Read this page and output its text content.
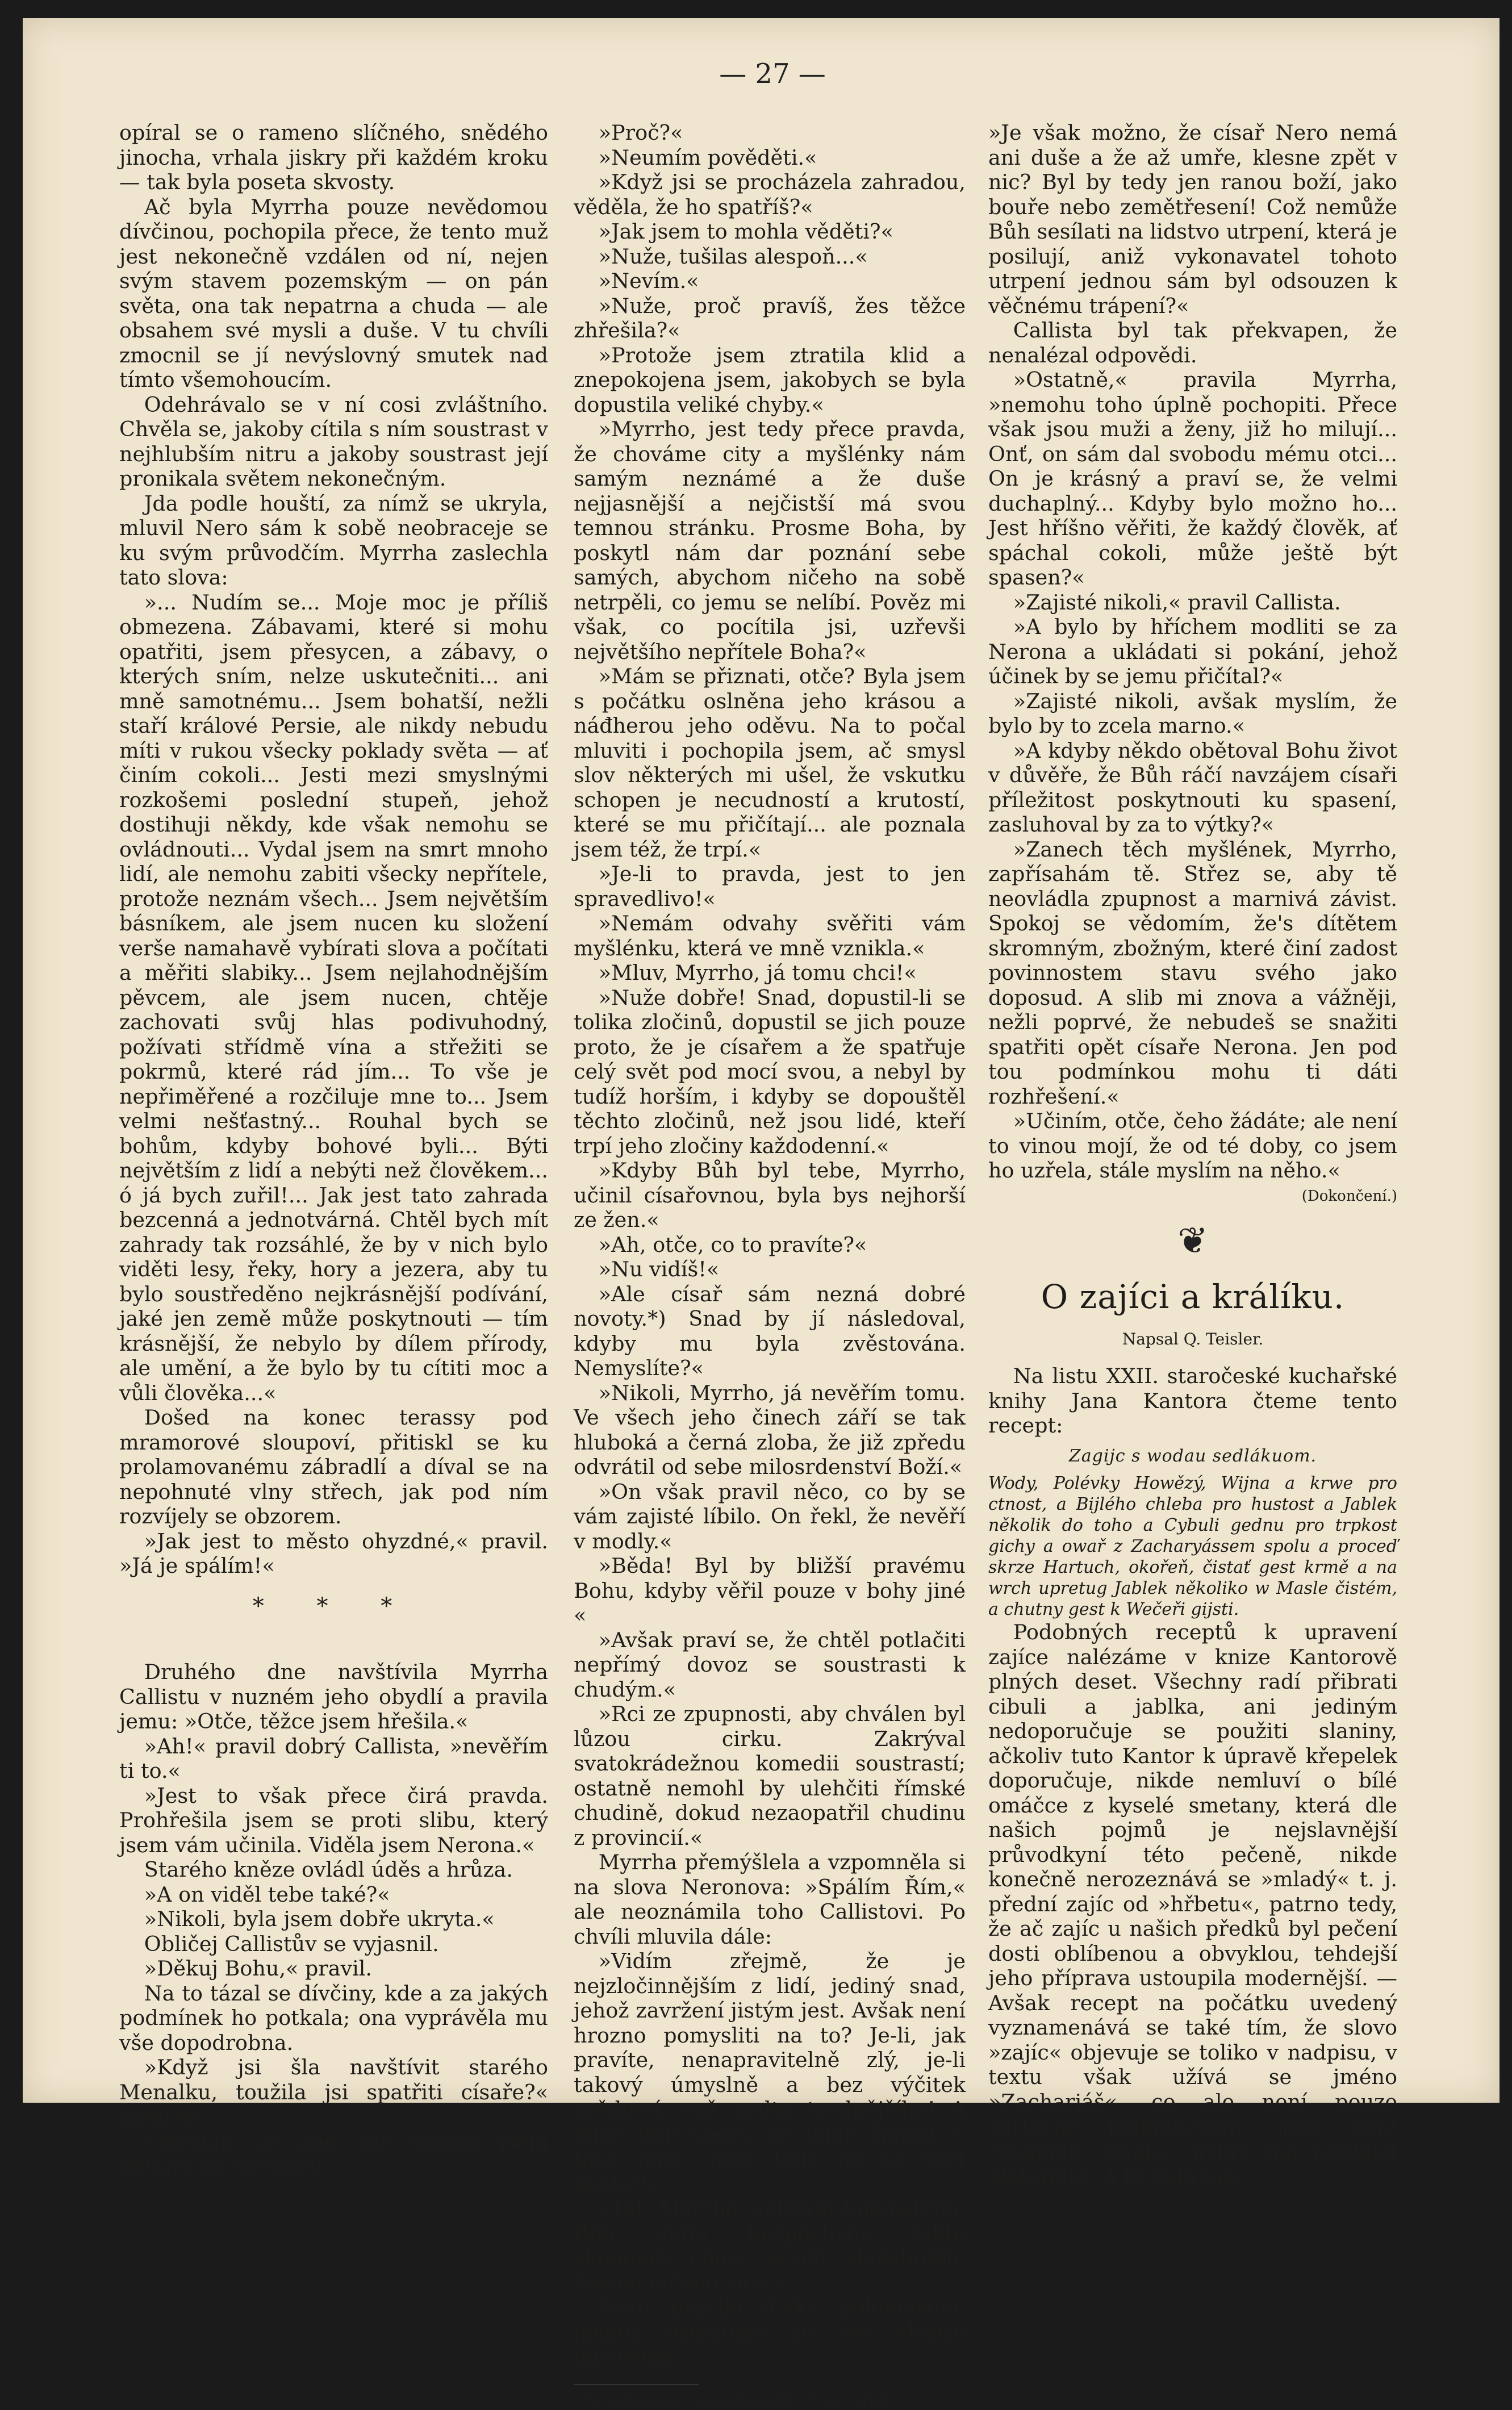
— 27 —

opíral se o rameno slíčného, snědého jinocha, vrhala jiskry při každém kroku — tak byla poseta skvosty.

Ač byla Myrrha pouze nevědomou dívčinou, pochopila přece, že tento muž jest nekonečně vzdálen od ní, nejen svým stavem pozemským — on pán světa, ona tak nepatrna a chuda — ale obsahem své mysli a duše. V tu chvíli zmocnil se jí nevýslovný smutek nad tímto všemohoucím.

Odehrávalo se v ní cosi zvláštního. Chvěla se, jakoby cítila s ním soustrast v nejhlubším nitru a jakoby soustrast její pronikala světem nekonečným.

Jda podle houští, za nímž se ukryla, mluvil Nero sám k sobě neobraceje se ku svým průvodčím. Myrrha zaslechla tato slova:

»... Nudím se... Moje moc je příliš obmezena. Zábavami, které si mohu opatřiti, jsem přesycen, a zábavy, o kterých sním, nelze uskutečniti... ani mně samotnému... Jsem bohatší, nežli staří králové Persie, ale nikdy nebudu míti v rukou všecky poklady světa — ať činím cokoli... Jesti mezi smyslnými rozkošemi poslední stupeň, jehož dostihuji někdy, kde však nemohu se ovládnouti... Vydal jsem na smrt mnoho lidí, ale nemohu zabiti všecky nepřítele, protože neznám všech... Jsem největším básníkem, ale jsem nucen ku složení verše namahavě vybírati slova a počítati a měřiti slabiky... Jsem nejlahodnějším pěvcem, ale jsem nucen, chtěje zachovati svůj hlas podivuhodný, požívati střídmě vína a střežiti se pokrmů, které rád jím... To vše je nepřiměřené a rozčiluje mne to... Jsem velmi nešťastný... Rouhal bych se bohům, kdyby bohové byli... Býti největším z lidí a nebýti než člověkem... ó já bych zuřil!... Jak jest tato zahrada bezcenná a jednotvárná. Chtěl bych mít zahrady tak rozsáhlé, že by v nich bylo viděti lesy, řeky, hory a jezera, aby tu bylo soustředěno nejkrásnější podívání, jaké jen země může poskytnouti — tím krásnější, že nebylo by dílem přírody, ale umění, a že bylo by tu cítiti moc a vůli člověka...«

Došed na konec terassy pod mramorové sloupoví, přitiskl se ku prolamovanému zábradlí a díval se na nepohnuté vlny střech, jak pod ním rozvíjely se obzorem.

»Jak jest to město ohyzdné,« pravil. »Já je spálím!«

* * *

Druhého dne navštívila Myrrha Callistu v nuzném jeho obydlí a pravila jemu: »Otče, těžce jsem hřešila.«

»Ah!« pravil dobrý Callista, »nevěřím ti to.«

»Jest to však přece čirá pravda. Prohřešila jsem se proti slibu, který jsem vám učinila. Viděla jsem Nerona.«

Starého kněze ovládl úděs a hrůza.

»A on viděl tebe také?«

»Nikoli, byla jsem dobře ukryta.«

Obličej Callistův se vyjasnil.

»Děkuj Bohu,« pravil.

Na to tázal se dívčiny, kde a za jakých podmínek ho potkala; ona vyprávěla mu vše dopodrobna.

»Když jsi šla navštívit starého Menalku, toužila jsi spatřiti císaře?« tázal se.

»Myslím, že ano, ale toužila jsem potkati ho náhodou.«

»Proč?«

»Neumím pověděti.«

»Když jsi se procházela zahradou, věděla, že ho spatříš?«

»Jak jsem to mohla věděti?«

»Nuže, tušilas alespoň...«

»Nevím.«

»Nuže, proč pravíš, žes těžce zhřešila?«

»Protože jsem ztratila klid a znepokojena jsem, jakobych se byla dopustila veliké chyby.«

»Myrrho, jest tedy přece pravda, že chováme city a myšlénky nám samým neznámé a že duše nejjasnější a nejčistší má svou temnou stránku. Prosme Boha, by poskytl nám dar poznání sebe samých, abychom ničeho na sobě netrpěli, co jemu se nelíbí. Pověz mi však, co pocítila jsi, uzřevši největšího nepřítele Boha?«

»Mám se přiznati, otče? Byla jsem s počátku oslněna jeho krásou a náđherou jeho oděvu. Na to počal mluviti i pochopila jsem, ač smysl slov některých mi ušel, že vskutku schopen je necudností a krutostí, které se mu přičítají... ale poznala jsem též, že trpí.«

»Je-li to pravda, jest to jen spravedlivo!«

»Nemám odvahy svěřiti vám myšlénku, která ve mně vznikla.«

»Mluv, Myrrho, já tomu chci!«

»Nuže dobře! Snad, dopustil-li se tolika zločinů, dopustil se jich pouze proto, že je císařem a že spatřuje celý svět pod mocí svou, a nebyl by tudíž horším, i kdyby se dopouštěl těchto zločinů, než jsou lidé, kteří trpí jeho zločiny každodenní.«

»Kdyby Bůh byl tebe, Myrrho, učinil císařovnou, byla bys nejhorší ze žen.«

»Ah, otče, co to pravíte?«

»Nu vidíš!«

»Ale císař sám nezná dobré novoty.*) Snad by jí následoval, kdyby mu byla zvěstována. Nemyslíte?«

»Nikoli, Myrrho, já nevěřím tomu. Ve všech jeho činech září se tak hluboká a černá zloba, že již zpředu odvrátil od sebe milosrdenství Boží.«

»On však pravil něco, co by se vám zajisté líbilo. On řekl, že nevěří v modly.«

»Běda! Byl by bližší pravému Bohu, kdyby věřil pouze v bohy jiné «

»Avšak praví se, že chtěl potlačiti nepřímý dovoz se soustrasti k chudým.«

»Rci ze zpupnosti, aby chválen byl lůzou cirku. Zakrýval svatokrádežnou komedii soustrastí; ostatně nemohl by ulehčiti římské chudině, dokud nezaopatřil chudinu z provincií.«

Myrrha přemýšlela a vzpomněla si na slova Neronova: »Spálím Řím,« ale neoznámila toho Callistovi. Po chvíli mluvila dále:

»Vidím zřejmě, že je nejzločinnějším z lidí, jediný snad, jehož zavržení jistým jest. Avšak není hrozno pomysliti na to? Je-li, jak pravíte, nenapravitelně zlý, je-li takový úmyslně a bez výčitek svědomí, což nadto trudnějšího! A když Bůh věděl, že bude špatný v také míře, proč tedy ho na svět poslal?«

»Toť, Myrrho, velikým tajemstvím. Bůh chtěl bezpochyby takto zkoumati cnost svých služebníků. Nevím ničeho více.«

Nato pravila dívka polohlasem, jakoby ostýchala se své vlastní myšlénky:

*) náboženství křesťanské. Pozn. překl.

»Je však možno, že císař Nero nemá ani duše a že až umře, klesne zpět v nic? Byl by tedy jen ranou boží, jako bouře nebo zemětřesení! Což nemůže Bůh sesílati na lidstvo utrpení, která je posilují, aniž vykonavatel tohoto utrpení jednou sám byl odsouzen k věčnému trápení?«

Callista byl tak překvapen, že nenalézal odpovědi.

»Ostatně,« pravila Myrrha, »nemohu toho úplně pochopiti. Přece však jsou muži a ženy, již ho milují... Onť, on sám dal svobodu mému otci... On je krásný a praví se, že velmi duchaplný... Kdyby bylo možno ho... Jest hříšno věřiti, že každý člověk, ať spáchal cokoli, může ještě být spasen?«

»Zajisté nikoli,« pravil Callista.

»A bylo by hříchem modliti se za Nerona a ukládati si pokání, jehož účinek by se jemu přičítal?«

»Zajisté nikoli, avšak myslím, že bylo by to zcela marno.«

»A kdyby někdo obětoval Bohu život v důvěře, že Bůh ráčí navzájem císaři příležitost poskytnouti ku spasení, zasluhoval by za to výtky?«

»Zanech těch myšlének, Myrrho, zapřísahám tě. Střez se, aby tě neovládla zpupnost a marnivá závist. Spokoj se vědomím, že's dítětem skromným, zbožným, které činí zadost povinnostem stavu svého jako doposud. A slib mi znova a vážněji, nežli poprvé, že nebudeš se snažiti spatřiti opět císaře Nerona. Jen pod tou podmínkou mohu ti dáti rozhřešení.«

»Učiním, otče, čeho žádáte; ale není to vinou mojí, že od té doby, co jsem ho uzřela, stále myslím na něho.«

(Dokončení.)
❦
O zajíci a králíku.
Napsal Q. Teisler.

Na listu XXII. staročeské kuchařské knihy Jana Kantora čteme tento recept:

Zagijc s wodau sedlákuom.

Wody, Polévky Howězý, Wijna a krwe pro ctnost, a Bijlého chleba pro hustost a Jablek několik do toho a Cybuli gednu pro trpkost gichy a owař z Zacharyássem spolu a proceď skrze Hartuch, okořeň, čistať gest krmě a na wrch upretug Jablek několiko w Masle čistém, a chutny gest k Wečeři gijsti.

Podobných receptů k upravení zajíce nalézáme v knize Kantorově plných deset. Všechny radí přibrati cibuli a jablka, ani jediným nedoporučuje se použiti slaniny, ačkoliv tuto Kantor k úpravě křepelek doporučuje, nikde nemluví o bílé omáčce z kyselé smetany, která dle našich pojmů je nejslavnější průvodkyní této pečeně, nikde konečně nerozeznává se »mladý« t. j. přední zajíc od »hřbetu«, patrno tedy, že ač zajíc u našich předků byl pečení dosti oblíbenou a obvyklou, tehdejší jeho příprava ustoupila modernější. — Avšak recept na počátku uvedený vyznamenává se také tím, že slovo »zajíc« objevuje se toliko v nadpisu, v textu však užívá se jméno »Zachariáš«, co ale není pouze žertovné pojmenování, jako když řekneme »ušák«, nýbrž má podklad historický. A to bylo tak.
